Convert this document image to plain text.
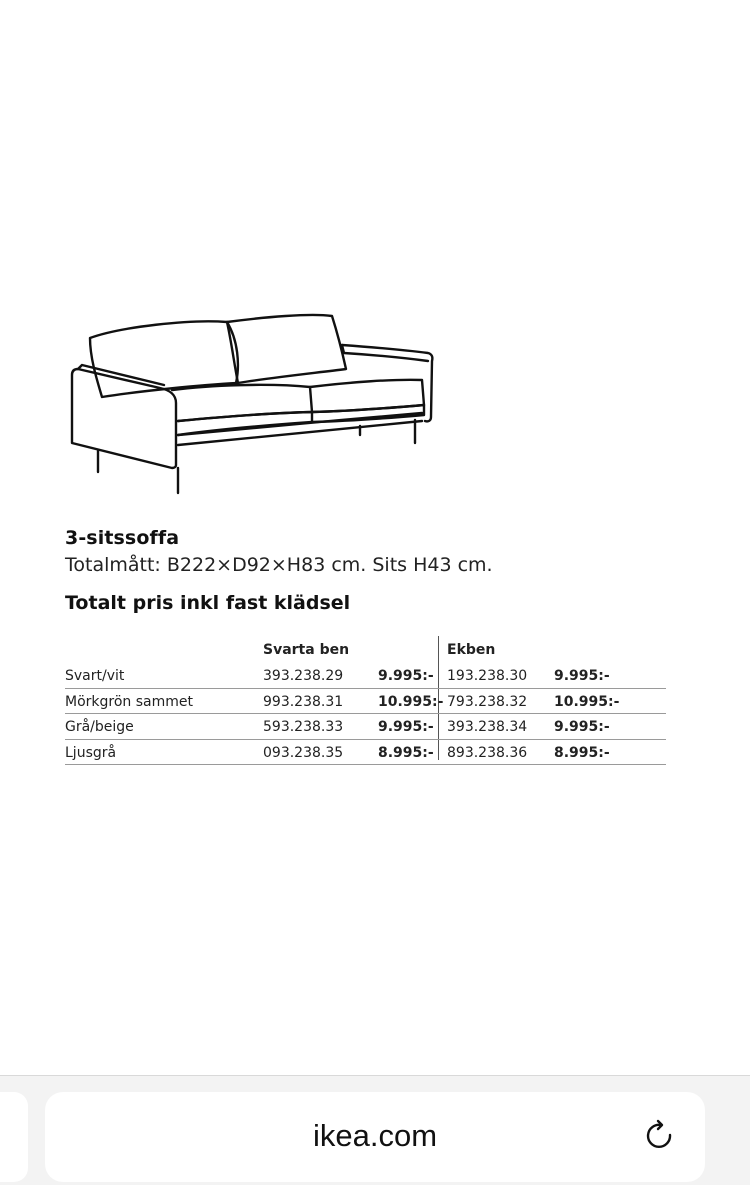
3-sitssoffa
Totalmått: B222×D92×H83 cm. Sits H43 cm.
Totalt pris inkl fast klädsel
Svarta ben	Ekben
Svart/vit	393.238.29 9.995:- 193.238.30 9.995:-
Mörkgrön sammet	993.238.31 10.995:- 793.238.32 10.995:-
Grå/beige	593.238.33 9.995:- 393.238.34 9.995:-
Ljusgrå	093.238.35 8.995:- 893.238.36 8.995:-
ikea.com
